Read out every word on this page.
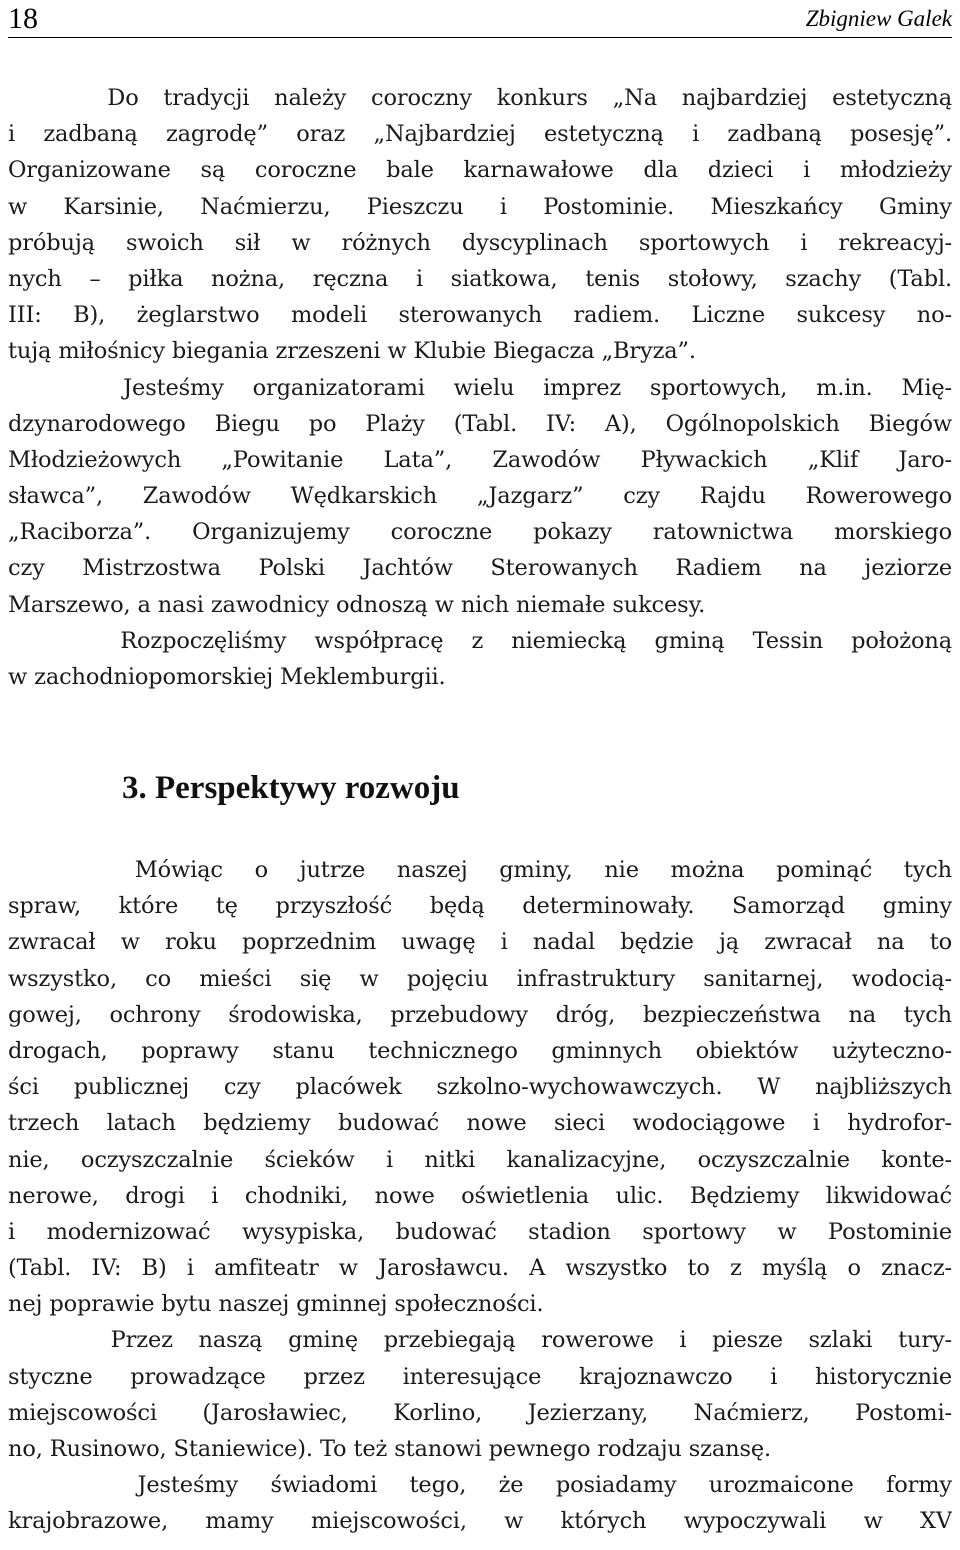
18	Zbigniew Galek
Do tradycji należy coroczny konkurs „Na najbardziej estetyczną
i zadbaną zagrodę” oraz „Najbardziej estetyczną i zadbaną posesję”.
Organizowane są coroczne bale karnawałowe dla dzieci i młodzieży
w Karsinie, Naćmierzu, Pieszczu i Postominie. Mieszkańcy Gminy
próbują swoich sił w różnych dyscyplinach sportowych i rekreacyj-
nych – piłka nożna, ręczna i siatkowa, tenis stołowy, szachy (Tabl.
III: B), żeglarstwo modeli sterowanych radiem. Liczne sukcesy no-
tują miłośnicy biegania zrzeszeni w Klubie Biegacza „Bryza”.
Jesteśmy organizatorami wielu imprez sportowych, m.in. Mię-
dzynarodowego Biegu po Plaży (Tabl. IV: A), Ogólnopolskich Biegów
Młodzieżowych „Powitanie Lata”, Zawodów Pływackich „Klif Jaro-
sławca”, Zawodów Wędkarskich „Jazgarz” czy Rajdu Rowerowego
„Raciborza”. Organizujemy coroczne pokazy ratownictwa morskiego
czy Mistrzostwa Polski Jachtów Sterowanych Radiem na jeziorze
Marszewo, a nasi zawodnicy odnoszą w nich niemałe sukcesy.
Rozpoczęliśmy współpracę z niemiecką gminą Tessin położoną
w zachodniopomorskiej Meklemburgii.
3. Perspektywy rozwoju
Mówiąc o jutrze naszej gminy, nie można pominąć tych
spraw, które tę przyszłość będą determinowały. Samorząd gminy
zwracał w roku poprzednim uwagę i nadal będzie ją zwracał na to
wszystko, co mieści się w pojęciu infrastruktury sanitarnej, wodocią-
gowej, ochrony środowiska, przebudowy dróg, bezpieczeństwa na tych
drogach, poprawy stanu technicznego gminnych obiektów użyteczno-
ści publicznej czy placówek szkolno-wychowawczych. W najbliższych
trzech latach będziemy budować nowe sieci wodociągowe i hydrofor-
nie, oczyszczalnie ścieków i nitki kanalizacyjne, oczyszczalnie konte-
nerowe, drogi i chodniki, nowe oświetlenia ulic. Będziemy likwidować
i modernizować wysypiska, budować stadion sportowy w Postominie
(Tabl. IV: B) i amfiteatr w Jarosławcu. A wszystko to z myślą o znacz-
nej poprawie bytu naszej gminnej społeczności.
Przez naszą gminę przebiegają rowerowe i piesze szlaki tury-
styczne prowadzące przez interesujące krajoznawczo i historycznie
miejscowości (Jarosławiec, Korlino, Jezierzany, Naćmierz, Postomi-
no, Rusinowo, Staniewice). To też stanowi pewnego rodzaju szansę.
Jesteśmy świadomi tego, że posiadamy urozmaicone formy
krajobrazowe, mamy miejscowości, w których wypoczywali w XV
